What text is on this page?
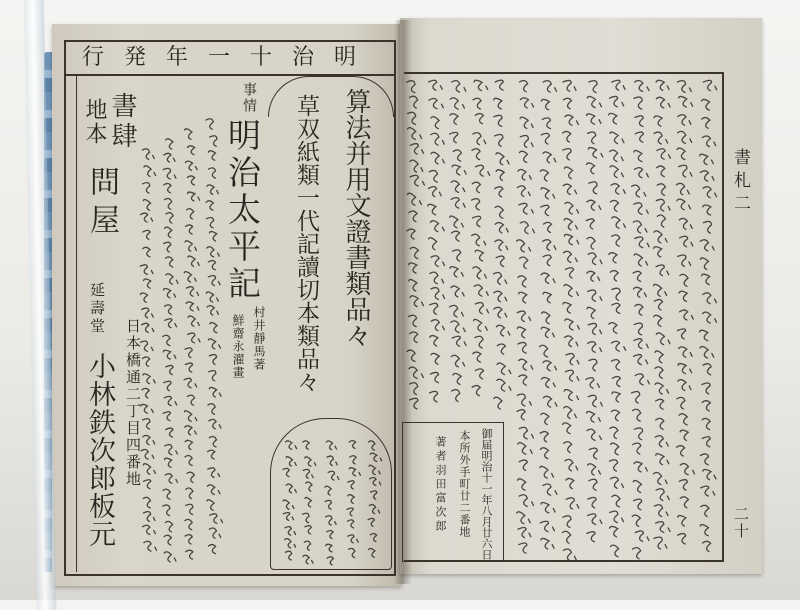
明治十一年発行
算法并用文證書類品々
草双紙類一代記讀切本類品々
事情
明治太平記
村井靜馬著
鮮齋永濯畫
書肆
地本
問屋
延壽堂
日本橋通二丁目四番地
小林鉄次郎板元
書札二
二十
御届明治十一年八月廿六日
本所外手町廿二番地
著者羽田富次郎
